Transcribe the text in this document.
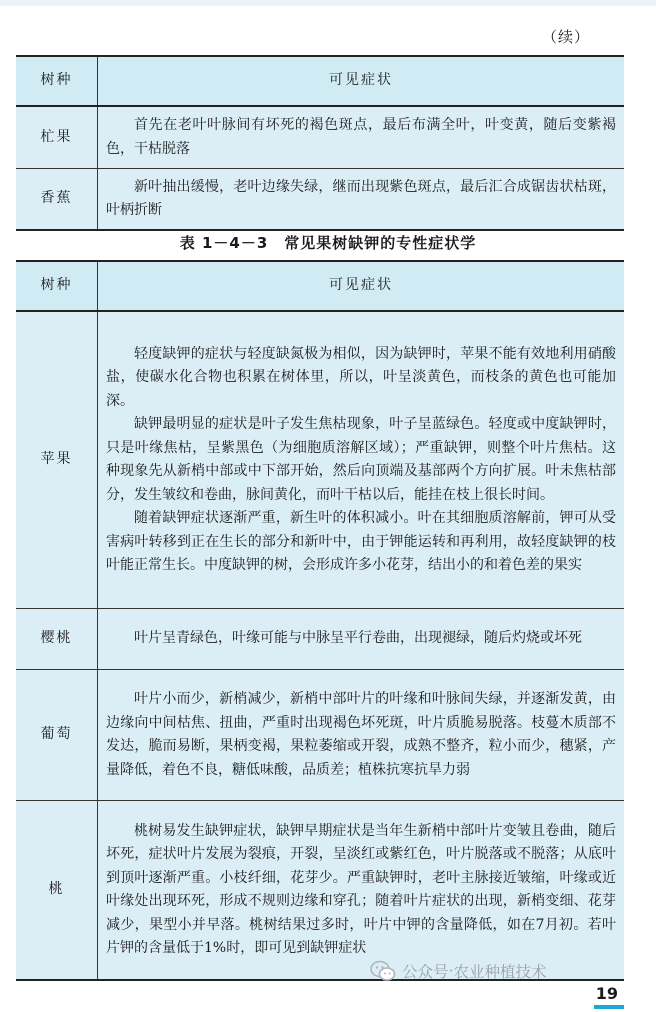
（续）
树种	可见症状
杧果	首先在老叶叶脉间有坏死的褐色斑点，最后布满全叶，叶变黄，随后变紫褐色，干枯脱落

香蕉	新叶抽出缓慢，老叶边缘失绿，继而出现紫色斑点，最后汇合成锯齿状枯斑，叶柄折断

表 1－4－3　常见果树缺钾的专性症状学
树种	可见症状
苹果	轻度缺钾的症状与轻度缺氮极为相似，因为缺钾时，苹果不能有效地利用硝酸盐，使碳水化合物也积累在树体里，所以，叶呈淡黄色，而枝条的黄色也可能加深。

缺钾最明显的症状是叶子发生焦枯现象，叶子呈蓝绿色。轻度或中度缺钾时，只是叶缘焦枯，呈紫黑色（为细胞质溶解区域）；严重缺钾，则整个叶片焦枯。这种现象先从新梢中部或中下部开始，然后向顶端及基部两个方向扩展。叶未焦枯部分，发生皱纹和卷曲，脉间黄化，而叶干枯以后，能挂在枝上很长时间。

随着缺钾症状逐渐严重，新生叶的体积减小。叶在其细胞质溶解前，钾可从受害病叶转移到正在生长的部分和新叶中，由于钾能运转和再利用，故轻度缺钾的枝叶能正常生长。中度缺钾的树，会形成许多小花芽，结出小的和着色差的果实

樱桃	叶片呈青绿色，叶缘可能与中脉呈平行卷曲，出现褪绿，随后灼烧或坏死

葡萄	叶片小而少，新梢减少，新梢中部叶片的叶缘和叶脉间失绿，并逐渐发黄，由边缘向中间枯焦、扭曲，严重时出现褐色坏死斑，叶片质脆易脱落。枝蔓木质部不发达，脆而易断，果柄变褐，果粒萎缩或开裂，成熟不整齐，粒小而少，穗紧，产量降低，着色不良，糖低味酸，品质差；植株抗寒抗旱力弱

桃	桃树易发生缺钾症状，缺钾早期症状是当年生新梢中部叶片变皱且卷曲，随后坏死，症状叶片发展为裂痕，开裂，呈淡红或紫红色，叶片脱落或不脱落；从底叶到顶叶逐渐严重。小枝纤细，花芽少。严重缺钾时，老叶主脉接近皱缩，叶缘或近叶缘处出现环死，形成不规则边缘和穿孔；随着叶片症状的出现，新梢变细、花芽减少，果型小并早落。桃树结果过多时，叶片中钾的含量降低，如在7月初。若叶片钾的含量低于1%时，即可见到缺钾症状

公众号 · 农业种植技术
19
